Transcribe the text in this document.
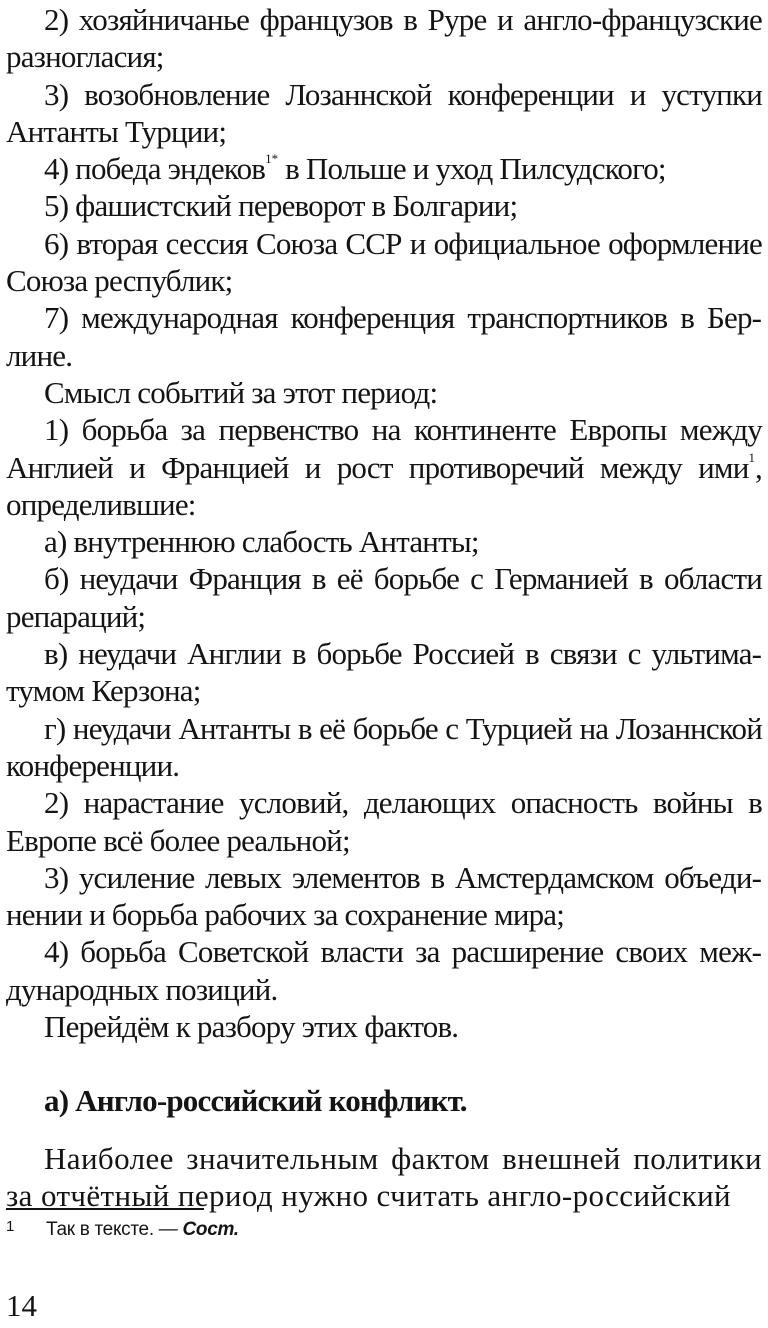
2) хозяйничанье французов в Руре и англо-французские разногласия;

3) возобновление Лозаннской конференции и уступки Антанты Турции;

4) победа эндеков$^{1*}$ в Польше и уход Пилсудского;

5) фашистский переворот в Болгарии;

6) вторая сессия Союза ССР и официальное оформление Союза республик;

7) международная конференция транспортников в Берлине.

Смысл событий за этот период:

1) борьба за первенство на континенте Европы между Англией и Францией и рост противоречий между ими$^1$, определившие:

а) внутреннюю слабость Антанты;

б) неудачи Франция в её борьбе с Германией в области репараций;

в) неудачи Англии в борьбе Россией в связи с ультиматумом Керзона;

г) неудачи Антанты в её борьбе с Турцией на Лозаннской конференции.

2) нарастание условий, делающих опасность войны в Европе всё более реальной;

3) усиление левых элементов в Амстердамском объединении и борьба рабочих за сохранение мира;

4) борьба Советской власти за расширение своих международных позиций.

Перейдём к разбору этих фактов.

а) Англо-российский конфликт.

Наиболее значительным фактом внешней политики за отчётный период нужно считать англо-российский

1 Так в тексте. — Сост.
14
